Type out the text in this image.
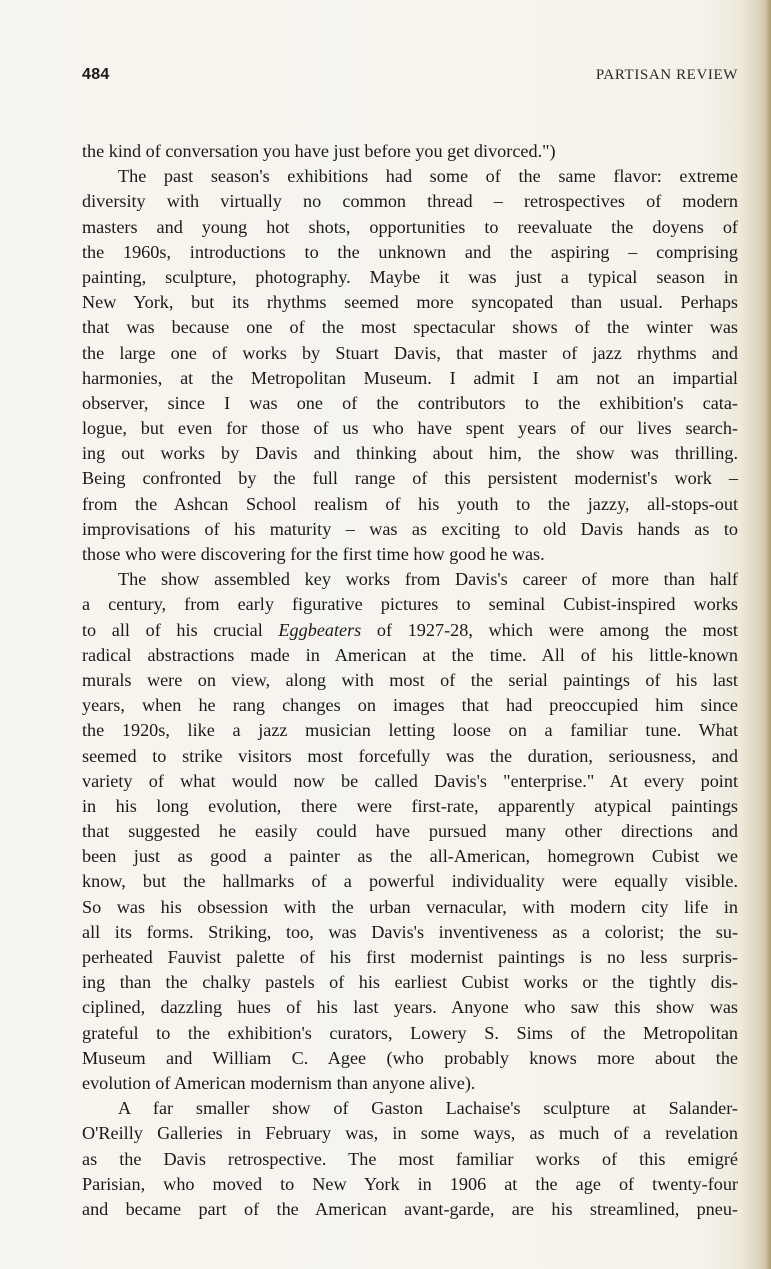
484	PARTISAN REVIEW
the kind of conversation you have just before you get divorced.")
The past season's exhibitions had some of the same flavor: extreme
diversity with virtually no common thread – retrospectives of modern
masters and young hot shots, opportunities to reevaluate the doyens of
the 1960s, introductions to the unknown and the aspiring – comprising
painting, sculpture, photography. Maybe it was just a typical season in
New York, but its rhythms seemed more syncopated than usual. Perhaps
that was because one of the most spectacular shows of the winter was
the large one of works by Stuart Davis, that master of jazz rhythms and
harmonies, at the Metropolitan Museum. I admit I am not an impartial
observer, since I was one of the contributors to the exhibition's cata-
logue, but even for those of us who have spent years of our lives search-
ing out works by Davis and thinking about him, the show was thrilling.
Being confronted by the full range of this persistent modernist's work –
from the Ashcan School realism of his youth to the jazzy, all-stops-out
improvisations of his maturity – was as exciting to old Davis hands as to
those who were discovering for the first time how good he was.
The show assembled key works from Davis's career of more than half
a century, from early figurative pictures to seminal Cubist-inspired works
to all of his crucial Eggbeaters of 1927-28, which were among the most
radical abstractions made in American at the time. All of his little-known
murals were on view, along with most of the serial paintings of his last
years, when he rang changes on images that had preoccupied him since
the 1920s, like a jazz musician letting loose on a familiar tune. What
seemed to strike visitors most forcefully was the duration, seriousness, and
variety of what would now be called Davis's "enterprise." At every point
in his long evolution, there were first-rate, apparently atypical paintings
that suggested he easily could have pursued many other directions and
been just as good a painter as the all-American, homegrown Cubist we
know, but the hallmarks of a powerful individuality were equally visible.
So was his obsession with the urban vernacular, with modern city life in
all its forms. Striking, too, was Davis's inventiveness as a colorist; the su-
perheated Fauvist palette of his first modernist paintings is no less surpris-
ing than the chalky pastels of his earliest Cubist works or the tightly dis-
ciplined, dazzling hues of his last years. Anyone who saw this show was
grateful to the exhibition's curators, Lowery S. Sims of the Metropolitan
Museum and William C. Agee (who probably knows more about the
evolution of American modernism than anyone alive).
A far smaller show of Gaston Lachaise's sculpture at Salander-
O'Reilly Galleries in February was, in some ways, as much of a revelation
as the Davis retrospective. The most familiar works of this emigré
Parisian, who moved to New York in 1906 at the age of twenty-four
and became part of the American avant-garde, are his streamlined, pneu-
